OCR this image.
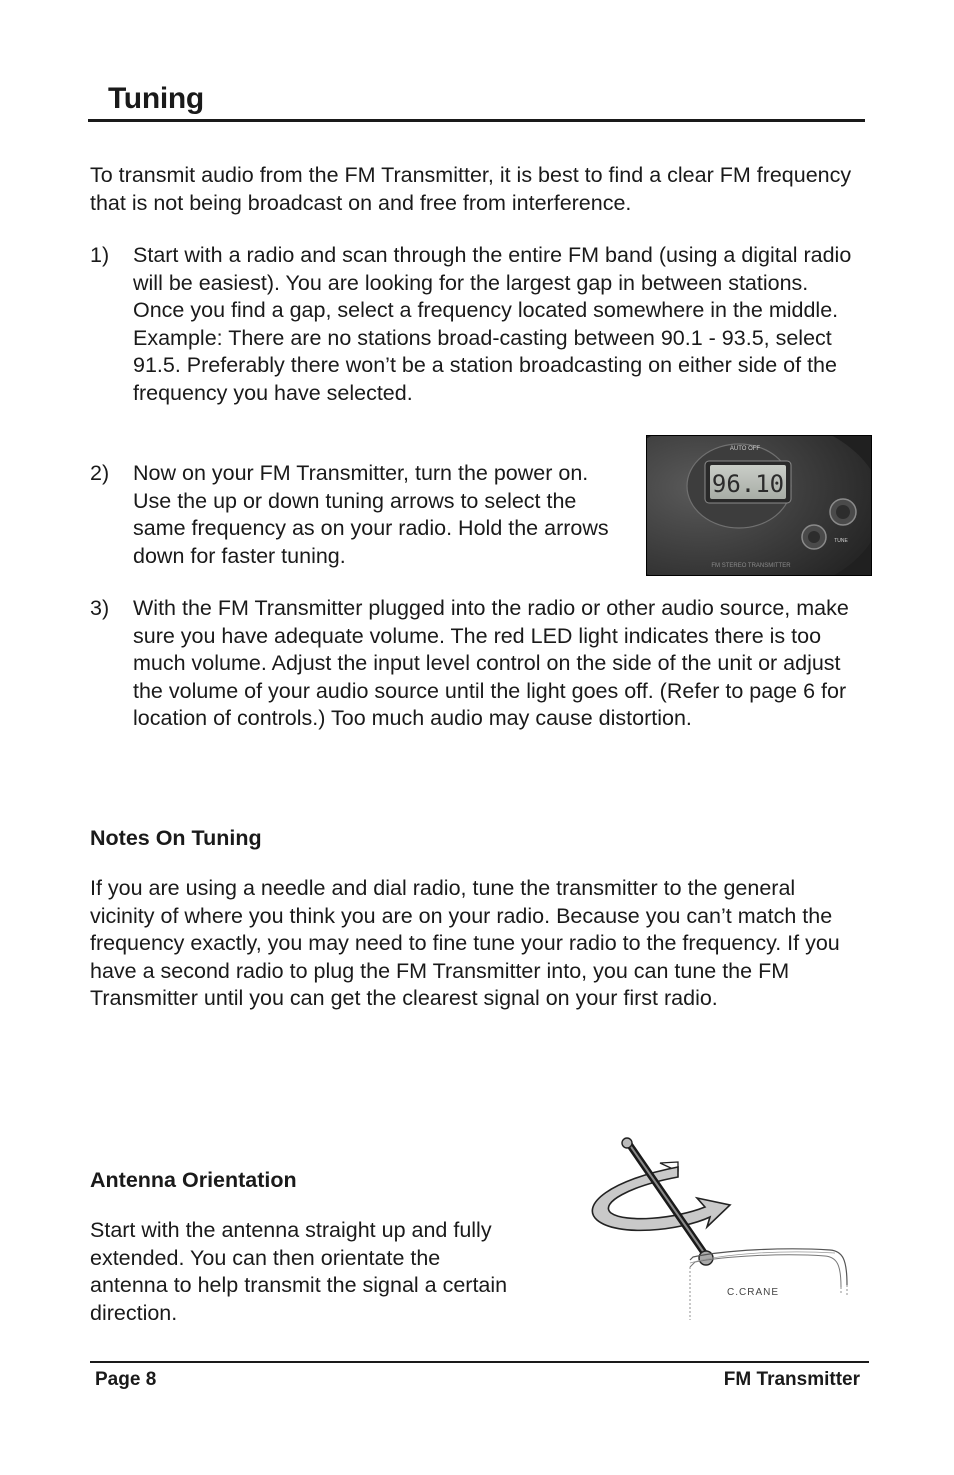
Tuning
To transmit audio from the FM Transmitter, it is best to find a clear FM frequency that is not being broadcast on and free from interference.
1)	Start with a radio and scan through the entire FM band (using a digital radio will be easiest). You are looking for the largest gap in between stations. Once you find a gap, select a frequency located somewhere in the middle. Example: There are no stations broad-casting between 90.1 - 93.5, select 91.5. Preferably there won’t be a station broadcasting on either side of the frequency you have selected.
2)	Now on your FM Transmitter, turn the power on. Use the up or down tuning arrows to select the same frequency as on your radio. Hold the arrows down for faster tuning.
96.10
AUTO OFF
TUNE
FM STEREO TRANSMITTER
3)	With the FM Transmitter plugged into the radio or other audio source, make sure you have adequate volume. The red LED light indicates there is too much volume. Adjust the input level control on the side of the unit or adjust the volume of your audio source until the light goes off. (Refer to page 6 for location of controls.) Too much audio may cause distortion.
Notes On Tuning
If you are using a needle and dial radio, tune the transmitter to the general vicinity of where you think you are on your radio. Because you can’t match the frequency exactly, you may need to fine tune your radio to the frequency. If you have a second radio to plug the FM Transmitter into, you can tune the FM Transmitter until you can get the clearest signal on your first radio.
Antenna Orientation
Start with the antenna straight up and fully extended. You can then orientate the antenna to help transmit the signal a certain direction.
C.CRANE
Page 8	FM Transmitter
